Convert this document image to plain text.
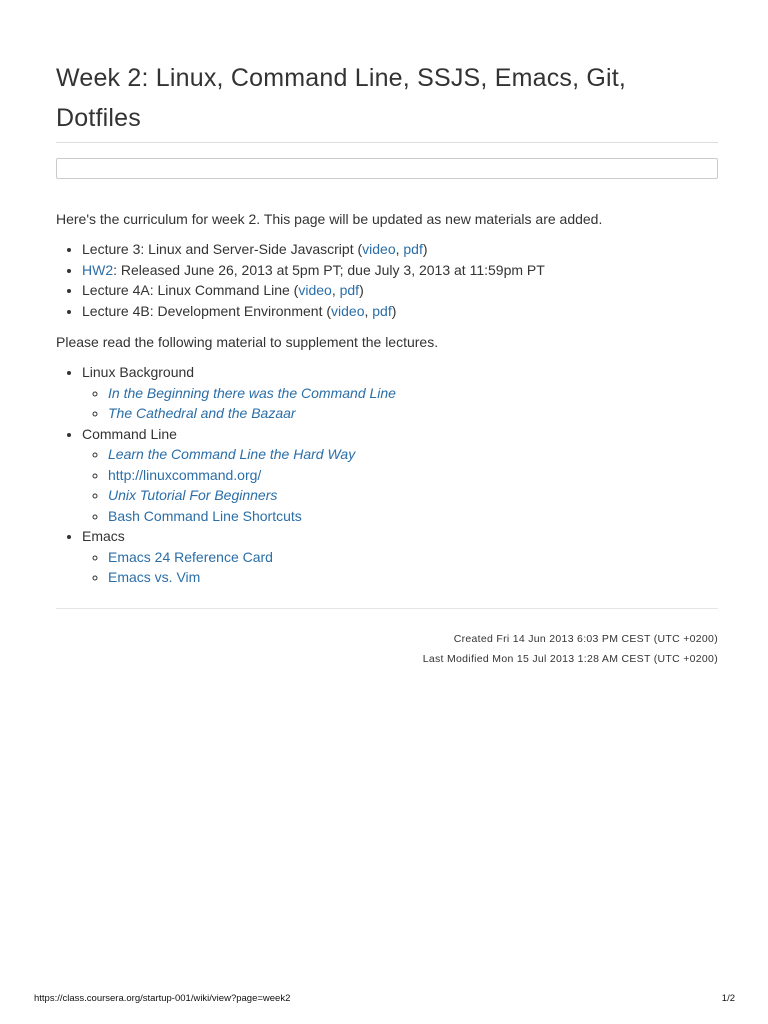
Week 2: Linux, Command Line, SSJS, Emacs, Git, Dotfiles

Here's the curriculum for week 2. This page will be updated as new materials are added.

• Lecture 3: Linux and Server-Side Javascript (video, pdf)
• HW2: Released June 26, 2013 at 5pm PT; due July 3, 2013 at 11:59pm PT
• Lecture 4A: Linux Command Line (video, pdf)
• Lecture 4B: Development Environment (video, pdf)

Please read the following material to supplement the lectures.

• Linux Background
◦ In the Beginning there was the Command Line
◦ The Cathedral and the Bazaar
• Command Line
◦ Learn the Command Line the Hard Way
◦ http://linuxcommand.org/
◦ Unix Tutorial For Beginners
◦ Bash Command Line Shortcuts
• Emacs
◦ Emacs 24 Reference Card
◦ Emacs vs. Vim
Created Fri 14 Jun 2013 6:03 PM CEST (UTC +0200)
Last Modified Mon 15 Jul 2013 1:28 AM CEST (UTC +0200)
https://class.coursera.org/startup-001/wiki/view?page=week2	1/2
